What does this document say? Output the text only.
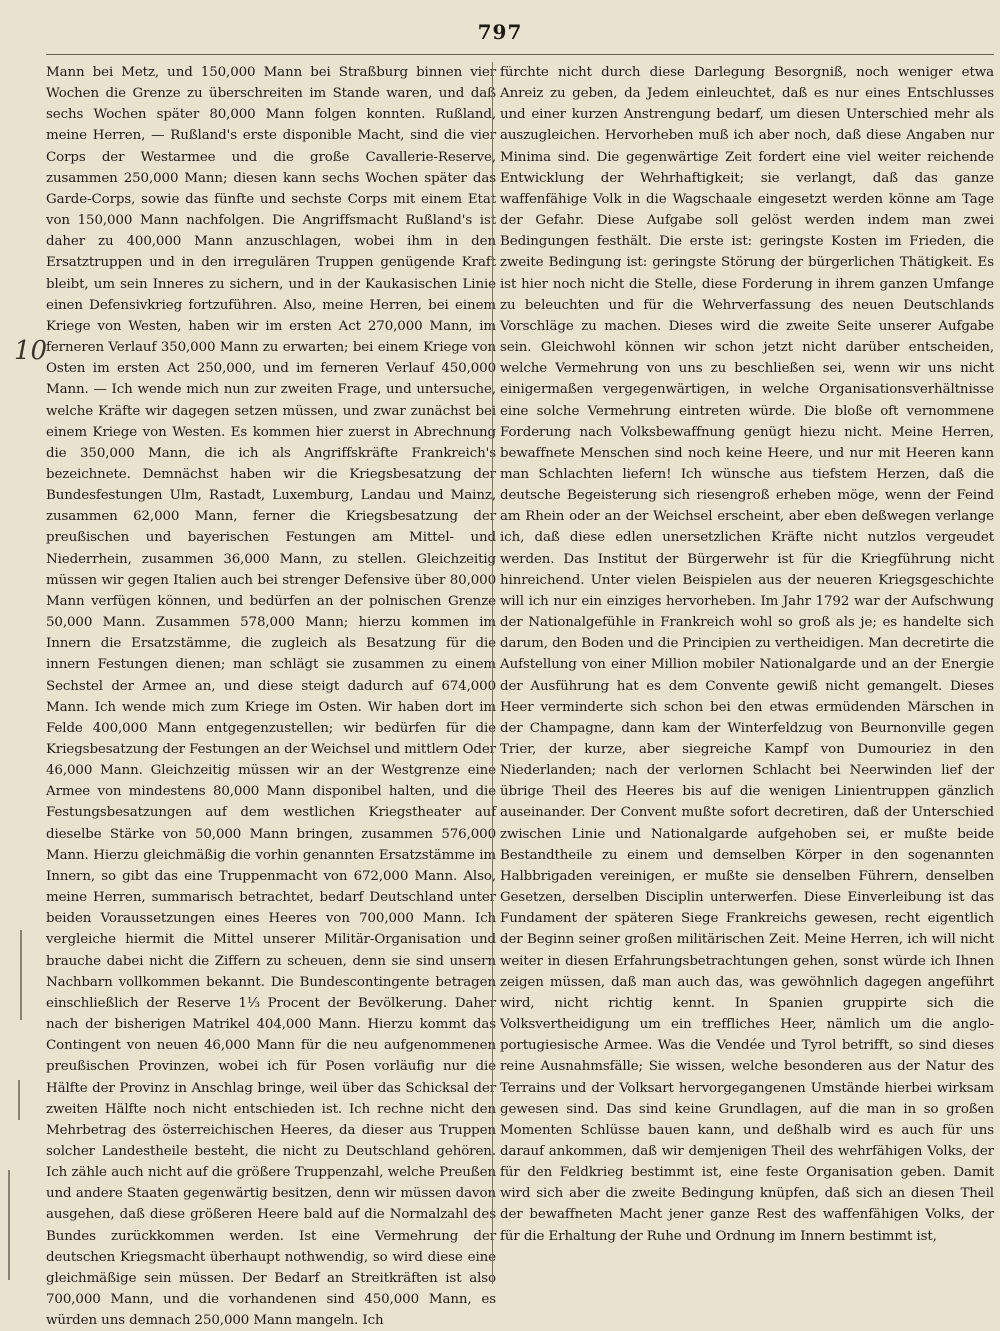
797
10

Mann bei Metz, und 150,000 Mann bei Straßburg binnen vier Wochen die Grenze zu überschreiten im Stande waren, und daß sechs Wochen später 80,000 Mann folgen konnten. Rußland, meine Herren, — Rußland's erste disponible Macht, sind die vier Corps der Westarmee und die große Cavallerie-Reserve, zusammen 250,000 Mann; diesen kann sechs Wochen später das Garde-Corps, sowie das fünfte und sechste Corps mit einem Etat von 150,000 Mann nachfolgen. Die Angriffsmacht Rußland's ist daher zu 400,000 Mann anzuschlagen, wobei ihm in den Ersatztruppen und in den irregulären Truppen genügende Kraft bleibt, um sein Inneres zu sichern, und in der Kaukasischen Linie einen Defensivkrieg fortzuführen. Also, meine Herren, bei einem Kriege von Westen, haben wir im ersten Act 270,000 Mann, im ferneren Verlauf 350,000 Mann zu erwarten; bei einem Kriege von Osten im ersten Act 250,000, und im ferneren Verlauf 450,000 Mann. — Ich wende mich nun zur zweiten Frage, und untersuche, welche Kräfte wir dagegen setzen müssen, und zwar zunächst bei einem Kriege von Westen. Es kommen hier zuerst in Abrechnung die 350,000 Mann, die ich als Angriffskräfte Frankreich's bezeichnete. Demnächst haben wir die Kriegsbesatzung der Bundesfestungen Ulm, Rastadt, Luxemburg, Landau und Mainz, zusammen 62,000 Mann, ferner die Kriegsbesatzung der preußischen und bayerischen Festungen am Mittel- und Niederrhein, zusammen 36,000 Mann, zu stellen. Gleichzeitig müssen wir gegen Italien auch bei strenger Defensive über 80,000 Mann verfügen können, und bedürfen an der polnischen Grenze 50,000 Mann. Zusammen 578,000 Mann; hierzu kommen im Innern die Ersatzstämme, die zugleich als Besatzung für die innern Festungen dienen; man schlägt sie zusammen zu einem Sechstel der Armee an, und diese steigt dadurch auf 674,000 Mann. Ich wende mich zum Kriege im Osten. Wir haben dort im Felde 400,000 Mann entgegenzustellen; wir bedürfen für die Kriegsbesatzung der Festungen an der Weichsel und mittlern Oder 46,000 Mann. Gleichzeitig müssen wir an der Westgrenze eine Armee von mindestens 80,000 Mann disponibel halten, und die Festungsbesatzungen auf dem westlichen Kriegstheater auf dieselbe Stärke von 50,000 Mann bringen, zusammen 576,000 Mann. Hierzu gleichmäßig die vorhin genannten Ersatzstämme im Innern, so gibt das eine Truppenmacht von 672,000 Mann. Also, meine Herren, summarisch betrachtet, bedarf Deutschland unter beiden Voraussetzungen eines Heeres von 700,000 Mann. Ich vergleiche hiermit die Mittel unserer Militär-Organisation und brauche dabei nicht die Ziffern zu scheuen, denn sie sind unsern Nachbarn vollkommen bekannt. Die Bundescontingente betragen einschließlich der Reserve 1⅓ Procent der Bevölkerung. Daher nach der bisherigen Matrikel 404,000 Mann. Hierzu kommt das Contingent von neuen 46,000 Mann für die neu aufgenommenen preußischen Provinzen, wobei ich für Posen vorläufig nur die Hälfte der Provinz in Anschlag bringe, weil über das Schicksal der zweiten Hälfte noch nicht entschieden ist. Ich rechne nicht den Mehrbetrag des österreichischen Heeres, da dieser aus Truppen solcher Landestheile besteht, die nicht zu Deutschland gehören. Ich zähle auch nicht auf die größere Truppenzahl, welche Preußen und andere Staaten gegenwärtig besitzen, denn wir müssen davon ausgehen, daß diese größeren Heere bald auf die Normalzahl des Bundes zurückkommen werden. Ist eine Vermehrung der deutschen Kriegsmacht überhaupt nothwendig, so wird diese eine gleichmäßige sein müssen. Der Bedarf an Streitkräften ist also 700,000 Mann, und die vorhandenen sind 450,000 Mann, es würden uns demnach 250,000 Mann mangeln. Ich

fürchte nicht durch diese Darlegung Besorgniß, noch weniger etwa Anreiz zu geben, da Jedem einleuchtet, daß es nur eines Entschlusses und einer kurzen Anstrengung bedarf, um diesen Unterschied mehr als auszugleichen. Hervorheben muß ich aber noch, daß diese Angaben nur Minima sind. Die gegenwärtige Zeit fordert eine viel weiter reichende Entwicklung der Wehrhaftigkeit; sie verlangt, daß das ganze waffenfähige Volk in die Wagschaale eingesetzt werden könne am Tage der Gefahr. Diese Aufgabe soll gelöst werden indem man zwei Bedingungen festhält. Die erste ist: geringste Kosten im Frieden, die zweite Bedingung ist: geringste Störung der bürgerlichen Thätigkeit. Es ist hier noch nicht die Stelle, diese Forderung in ihrem ganzen Umfange zu beleuchten und für die Wehrverfassung des neuen Deutschlands Vorschläge zu machen. Dieses wird die zweite Seite unserer Aufgabe sein. Gleichwohl können wir schon jetzt nicht darüber entscheiden, welche Vermehrung von uns zu beschließen sei, wenn wir uns nicht einigermaßen vergegenwärtigen, in welche Organisationsverhältnisse eine solche Vermehrung eintreten würde. Die bloße oft vernommene Forderung nach Volksbewaffnung genügt hiezu nicht. Meine Herren, bewaffnete Menschen sind noch keine Heere, und nur mit Heeren kann man Schlachten liefern! Ich wünsche aus tiefstem Herzen, daß die deutsche Begeisterung sich riesengroß erheben möge, wenn der Feind am Rhein oder an der Weichsel erscheint, aber eben deßwegen verlange ich, daß diese edlen unersetzlichen Kräfte nicht nutzlos vergeudet werden. Das Institut der Bürgerwehr ist für die Kriegführung nicht hinreichend. Unter vielen Beispielen aus der neueren Kriegsgeschichte will ich nur ein einziges hervorheben. Im Jahr 1792 war der Aufschwung der Nationalgefühle in Frankreich wohl so groß als je; es handelte sich darum, den Boden und die Principien zu vertheidigen. Man decretirte die Aufstellung von einer Million mobiler Nationalgarde und an der Energie der Ausführung hat es dem Convente gewiß nicht gemangelt. Dieses Heer verminderte sich schon bei den etwas ermüdenden Märschen in der Champagne, dann kam der Winterfeldzug von Beurnonville gegen Trier, der kurze, aber siegreiche Kampf von Dumouriez in den Niederlanden; nach der verlornen Schlacht bei Neerwinden lief der übrige Theil des Heeres bis auf die wenigen Linientruppen gänzlich auseinander. Der Convent mußte sofort decretiren, daß der Unterschied zwischen Linie und Nationalgarde aufgehoben sei, er mußte beide Bestandtheile zu einem und demselben Körper in den sogenannten Halbbrigaden vereinigen, er mußte sie denselben Führern, denselben Gesetzen, derselben Disciplin unterwerfen. Diese Einverleibung ist das Fundament der späteren Siege Frankreichs gewesen, recht eigentlich der Beginn seiner großen militärischen Zeit. Meine Herren, ich will nicht weiter in diesen Erfahrungsbetrachtungen gehen, sonst würde ich Ihnen zeigen müssen, daß man auch das, was gewöhnlich dagegen angeführt wird, nicht richtig kennt. In Spanien gruppirte sich die Volksvertheidigung um ein treffliches Heer, nämlich um die anglo-portugiesische Armee. Was die Vendée und Tyrol betrifft, so sind dieses reine Ausnahmsfälle; Sie wissen, welche besonderen aus der Natur des Terrains und der Volksart hervorgegangenen Umstände hierbei wirksam gewesen sind. Das sind keine Grundlagen, auf die man in so großen Momenten Schlüsse bauen kann, und deßhalb wird es auch für uns darauf ankommen, daß wir demjenigen Theil des wehrfähigen Volks, der für den Feldkrieg bestimmt ist, eine feste Organisation geben. Damit wird sich aber die zweite Bedingung knüpfen, daß sich an diesen Theil der bewaffneten Macht jener ganze Rest des waffenfähigen Volks, der für die Erhaltung der Ruhe und Ordnung im Innern bestimmt ist,
